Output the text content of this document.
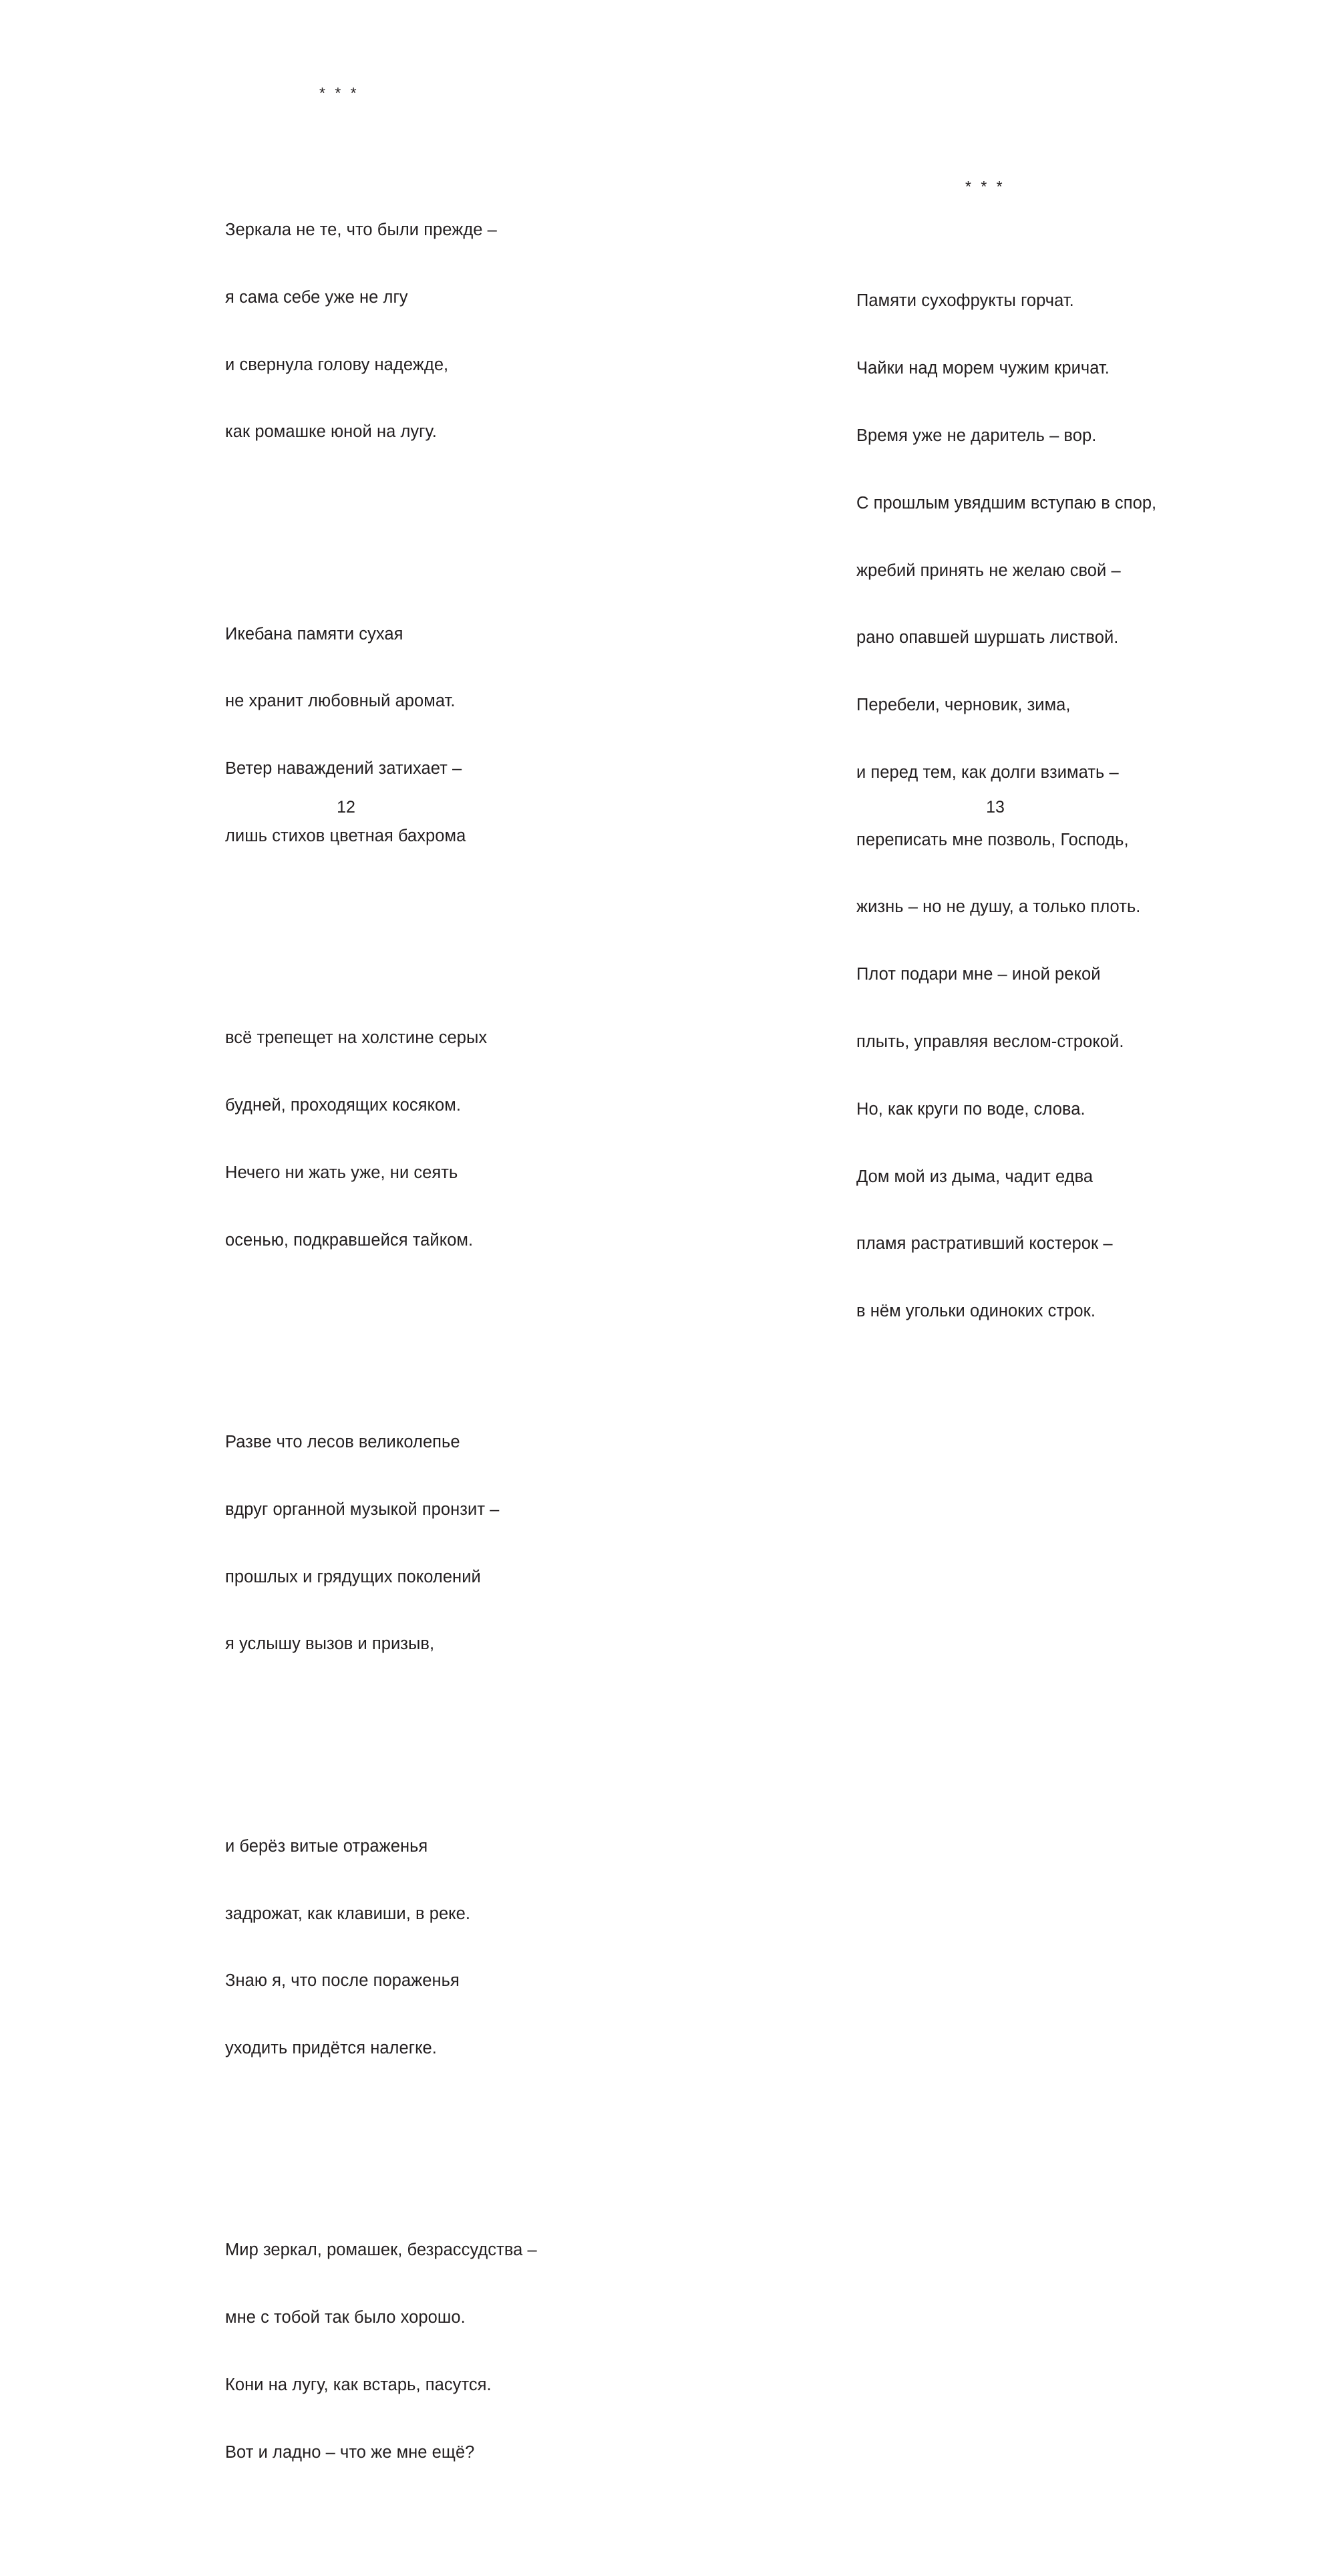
* * *

Зеркала не те, что были прежде –

я сама себе уже не лгу

и свернула голову надежде,

как ромашке юной на лугу.

Икебана памяти сухая

не хранит любовный аромат.

Ветер наваждений затихает –

лишь стихов цветная бахрома

всё трепещет на холстине серых

будней, проходящих косяком.

Нечего ни жать уже, ни сеять

осенью, подкравшейся тайком.

Разве что лесов великолепье

вдруг органной музыкой пронзит –

прошлых и грядущих поколений

я услышу вызов и призыв,

и берёз витые отраженья

задрожат, как клавиши, в реке.

Знаю я, что после пораженья

уходить придётся налегке.

Мир зеркал, ромашек, безрассудства –

мне с тобой так было хорошо.

Кони на лугу, как встарь, пасутся.

Вот и ладно – что же мне ещё?

12
* * *

Памяти сухофрукты горчат.

Чайки над морем чужим кричат.

Время уже не даритель – вор.

С прошлым увядшим вступаю в спор,

жребий принять не желаю свой –

рано опавшей шуршать листвой.

Перебели, черновик, зима,

и перед тем, как долги взимать –

переписать мне позволь, Господь,

жизнь – но не душу, а только плоть.

Плот подари мне – иной рекой

плыть, управляя веслом-строкой.

Но, как круги по воде, слова.

Дом мой из дыма, чадит едва

пламя растративший костерок –

в нём угольки одиноких строк.

13
